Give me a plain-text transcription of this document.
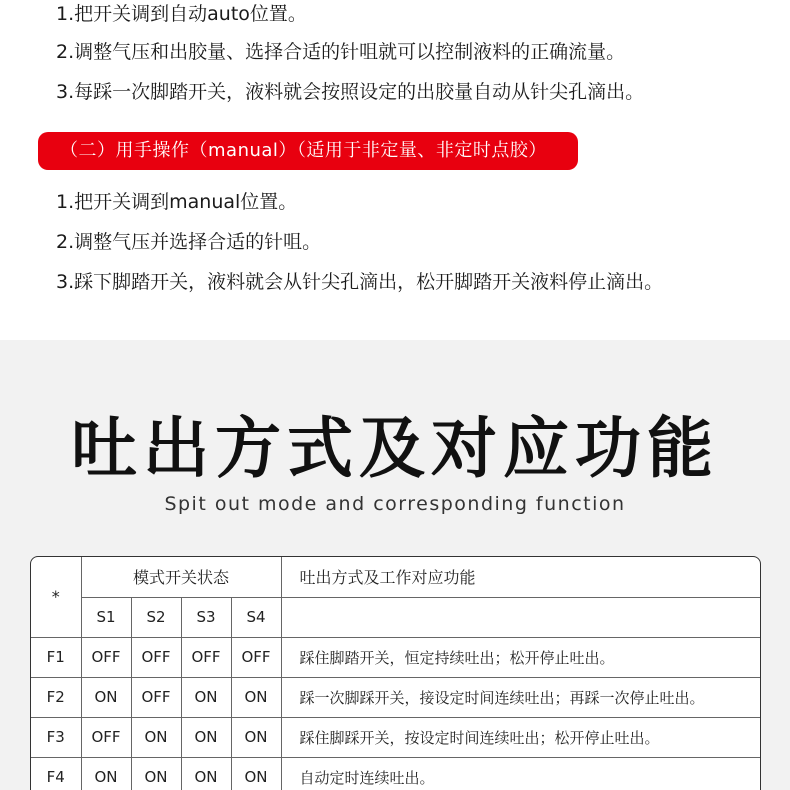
1.把开关调到自动auto位置。
2.调整气压和出胶量、选择合适的针咀就可以控制液料的正确流量。
3.每踩一次脚踏开关，液料就会按照设定的出胶量自动从针尖孔滴出。
（二）用手操作（manual）（适用于非定量、非定时点胶）
1.把开关调到manual位置。
2.调整气压并选择合适的针咀。
3.踩下脚踏开关，液料就会从针尖孔滴出，松开脚踏开关液料停止滴出。
吐出方式及对应功能
Spit out mode and corresponding function
*	模式开关状态				吐出方式及工作对应功能
	S1	S2	S3	S4	
F1	OFF	OFF	OFF	OFF	踩住脚踏开关，恒定持续吐出；松开停止吐出。
F2	ON	OFF	ON	ON	踩一次脚踩开关，接设定时间连续吐出；再踩一次停止吐出。
F3	OFF	ON	ON	ON	踩住脚踩开关，按设定时间连续吐出；松开停止吐出。
F4	ON	ON	ON	ON	自动定时连续吐出。
